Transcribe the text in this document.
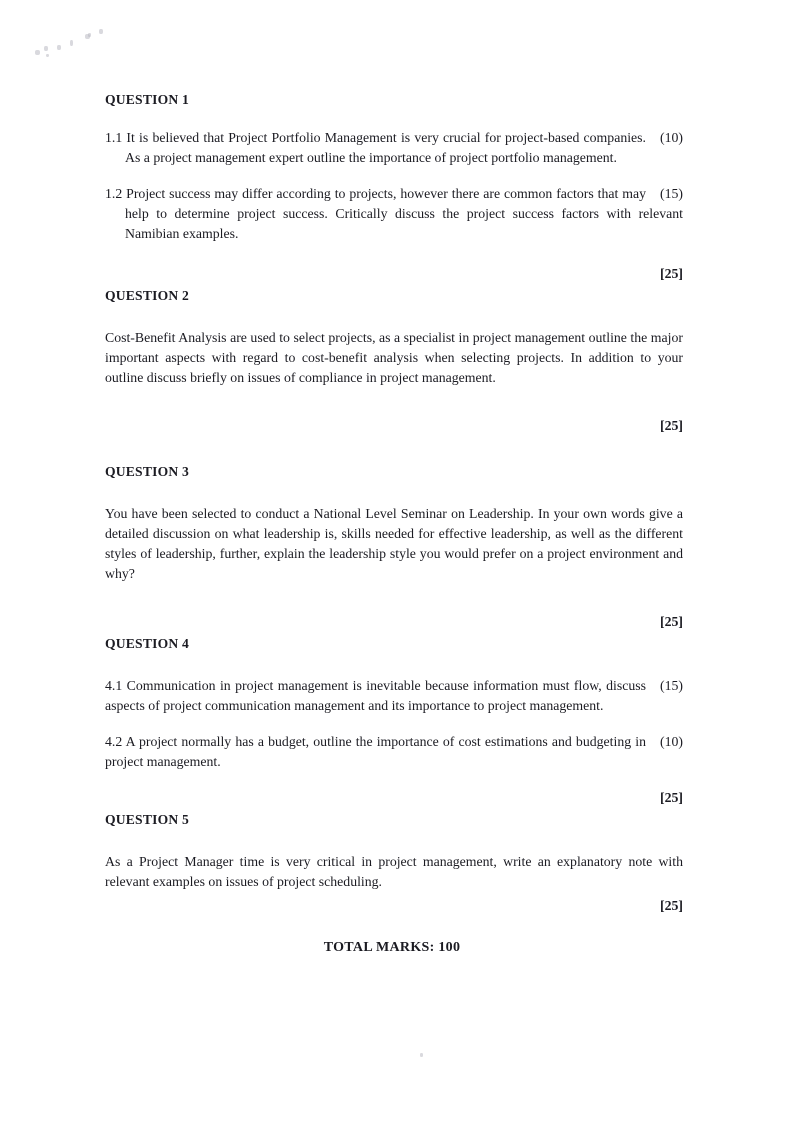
QUESTION 1

(10)
1.1 It is believed that Project Portfolio Management is very crucial for project-based companies. As a project management expert outline the importance of project portfolio management.

(15)
1.2 Project success may differ according to projects, however there are common factors that may help to determine project success. Critically discuss the project success factors with relevant Namibian examples.

[25]

QUESTION 2

Cost-Benefit Analysis are used to select projects, as a specialist in project management outline the major important aspects with regard to cost-benefit analysis when selecting projects. In addition to your outline discuss briefly on issues of compliance in project management.

[25]

QUESTION 3

You have been selected to conduct a National Level Seminar on Leadership. In your own words give a detailed discussion on what leadership is, skills needed for effective leadership, as well as the different styles of leadership, further, explain the leadership style you would prefer on a project environment and why?

[25]

QUESTION 4

(15)
4.1 Communication in project management is inevitable because information must flow, discuss aspects of project communication management and its importance to project management.

(10)
4.2 A project normally has a budget, outline the importance of cost estimations and budgeting in project management.

[25]

QUESTION 5

As a Project Manager time is very critical in project management, write an explanatory note with relevant examples on issues of project scheduling.

[25]

TOTAL MARKS: 100
